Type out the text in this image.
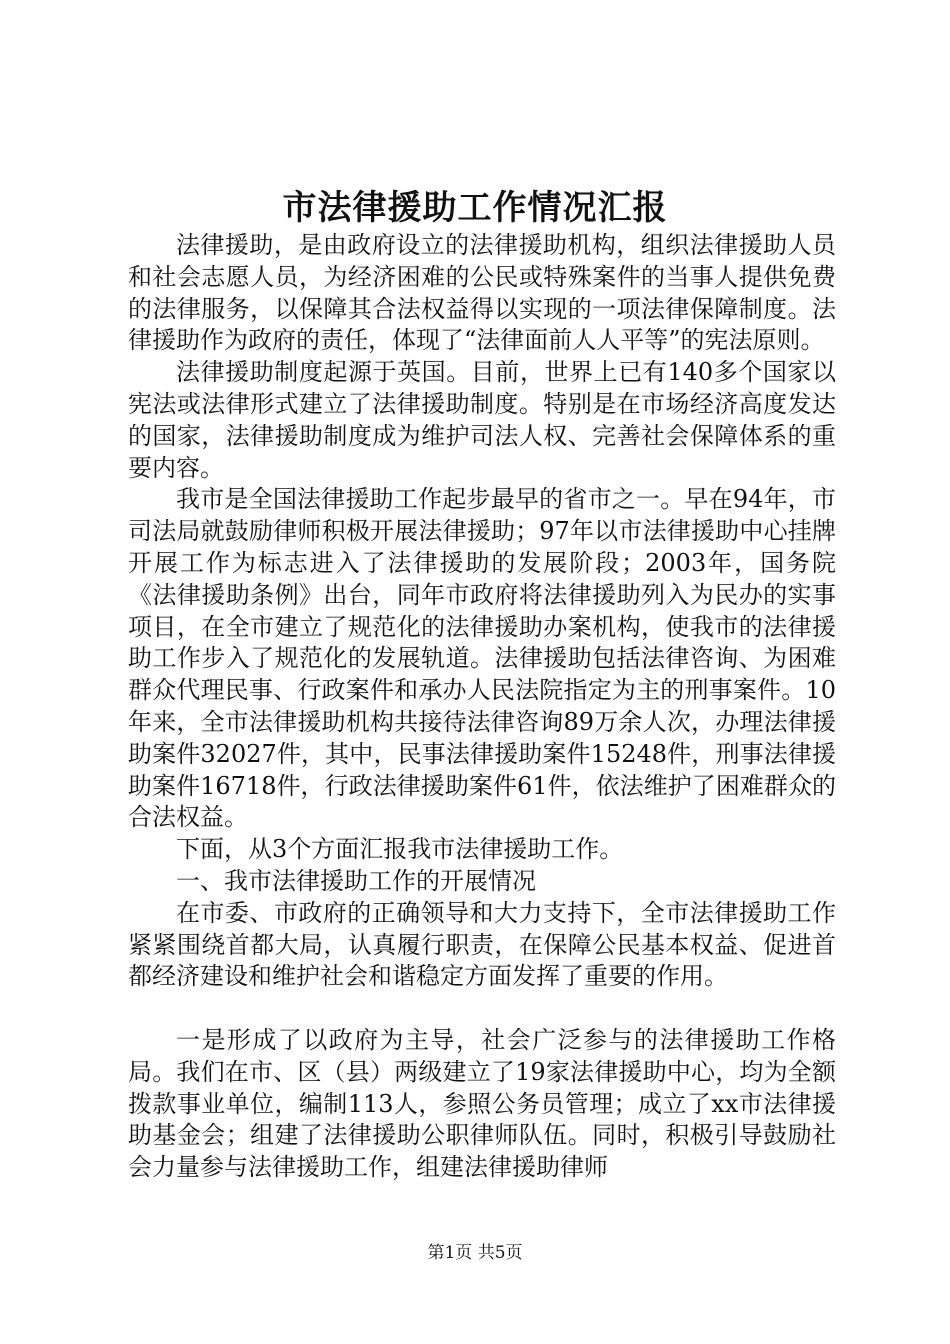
市法律援助工作情况汇报

法律援助，是由政府设立的法律援助机构，组织法律援助人员和社会志愿人员，为经济困难的公民或特殊案件的当事人提供免费的法律服务，以保障其合法权益得以实现的一项法律保障制度。法律援助作为政府的责任，体现了“法律面前人人平等”的宪法原则。

法律援助制度起源于英国。目前，世界上已有140多个国家以宪法或法律形式建立了法律援助制度。特别是在市场经济高度发达的国家，法律援助制度成为维护司法人权、完善社会保障体系的重要内容。

我市是全国法律援助工作起步最早的省市之一。早在94年，市司法局就鼓励律师积极开展法律援助；97年以市法律援助中心挂牌开展工作为标志进入了法律援助的发展阶段；2003年，国务院《法律援助条例》出台，同年市政府将法律援助列入为民办的实事项目，在全市建立了规范化的法律援助办案机构，使我市的法律援助工作步入了规范化的发展轨道。法律援助包括法律咨询、为困难群众代理民事、行政案件和承办人民法院指定为主的刑事案件。10年来，全市法律援助机构共接待法律咨询89万余人次，办理法律援助案件32027件，其中，民事法律援助案件15248件，刑事法律援助案件16718件，行政法律援助案件61件，依法维护了困难群众的合法权益。

下面，从3个方面汇报我市法律援助工作。

一、我市法律援助工作的开展情况

在市委、市政府的正确领导和大力支持下，全市法律援助工作紧紧围绕首都大局，认真履行职责，在保障公民基本权益、促进首都经济建设和维护社会和谐稳定方面发挥了重要的作用。

一是形成了以政府为主导，社会广泛参与的法律援助工作格局。我们在市、区（县）两级建立了19家法律援助中心，均为全额拨款事业单位，编制113人，参照公务员管理；成立了xx市法律援助基金会；组建了法律援助公职律师队伍。同时，积极引导鼓励社会力量参与法律援助工作，组建法律援助律师

第1页 共5页
